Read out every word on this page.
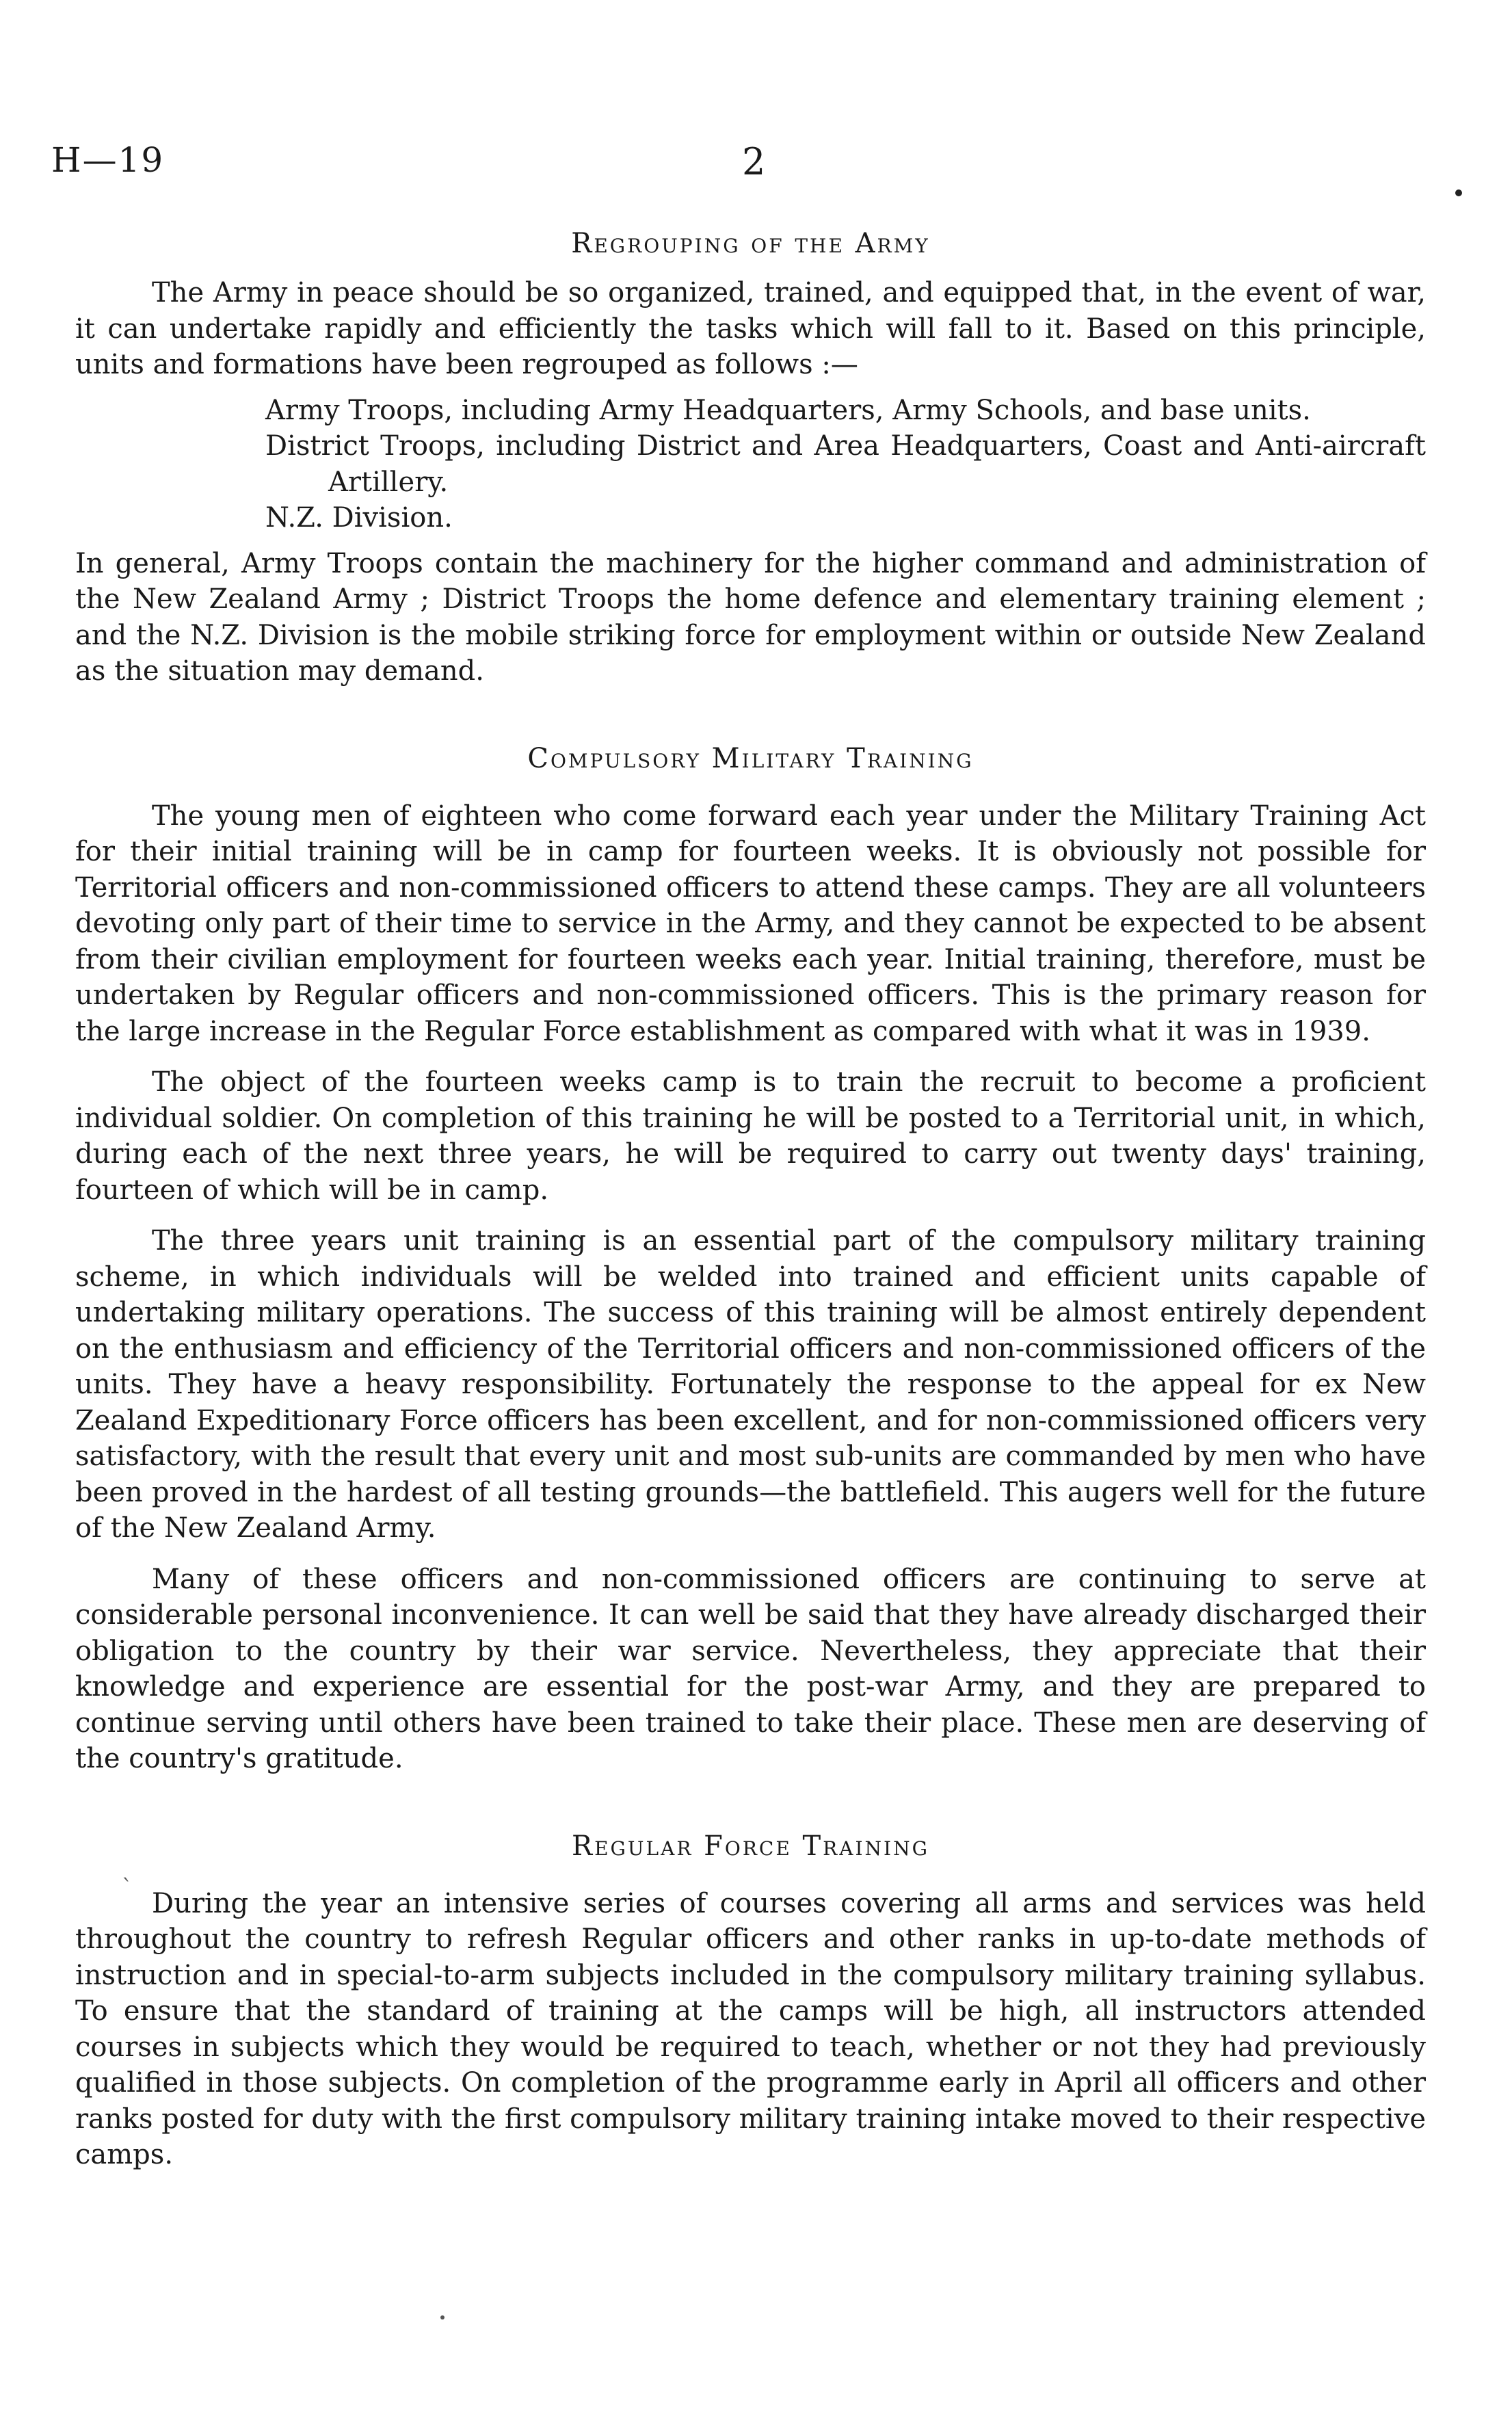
H—19	2
Regrouping of the Army

The Army in peace should be so organized, trained, and equipped that, in the event of war, it can undertake rapidly and efficiently the tasks which will fall to it. Based on this principle, units and formations have been regrouped as follows :—

Army Troops, including Army Headquarters, Army Schools, and base units.
District Troops, including District and Area Headquarters, Coast and Anti-aircraft Artillery.
N.Z. Division.

In general, Army Troops contain the machinery for the higher command and administration of the New Zealand Army ; District Troops the home defence and elementary training element ; and the N.Z. Division is the mobile striking force for employment within or outside New Zealand as the situation may demand.

Compulsory Military Training

The young men of eighteen who come forward each year under the Military Training Act for their initial training will be in camp for fourteen weeks. It is obviously not possible for Territorial officers and non-commissioned officers to attend these camps. They are all volunteers devoting only part of their time to service in the Army, and they cannot be expected to be absent from their civilian employment for fourteen weeks each year. Initial training, therefore, must be undertaken by Regular officers and non-commissioned officers. This is the primary reason for the large increase in the Regular Force establishment as compared with what it was in 1939.

The object of the fourteen weeks camp is to train the recruit to become a proficient individual soldier. On completion of this training he will be posted to a Territorial unit, in which, during each of the next three years, he will be required to carry out twenty days' training, fourteen of which will be in camp.

The three years unit training is an essential part of the compulsory military training scheme, in which individuals will be welded into trained and efficient units capable of undertaking military operations. The success of this training will be almost entirely dependent on the enthusiasm and efficiency of the Territorial officers and non-commissioned officers of the units. They have a heavy responsibility. Fortunately the response to the appeal for ex New Zealand Expeditionary Force officers has been excellent, and for non-commissioned officers very satisfactory, with the result that every unit and most sub-units are commanded by men who have been proved in the hardest of all testing grounds—the battlefield. This augers well for the future of the New Zealand Army.

Many of these officers and non-commissioned officers are continuing to serve at considerable personal inconvenience. It can well be said that they have already discharged their obligation to the country by their war service. Nevertheless, they appreciate that their knowledge and experience are essential for the post-war Army, and they are prepared to continue serving until others have been trained to take their place. These men are deserving of the country's gratitude.

Regular Force Training

During the year an intensive series of courses covering all arms and services was held throughout the country to refresh Regular officers and other ranks in up-to-date methods of instruction and in special-to-arm subjects included in the compulsory military training syllabus. To ensure that the standard of training at the camps will be high, all instructors attended courses in subjects which they would be required to teach, whether or not they had previously qualified in those subjects. On completion of the programme early in April all officers and other ranks posted for duty with the first compulsory military training intake moved to their respective camps.

ˋ
